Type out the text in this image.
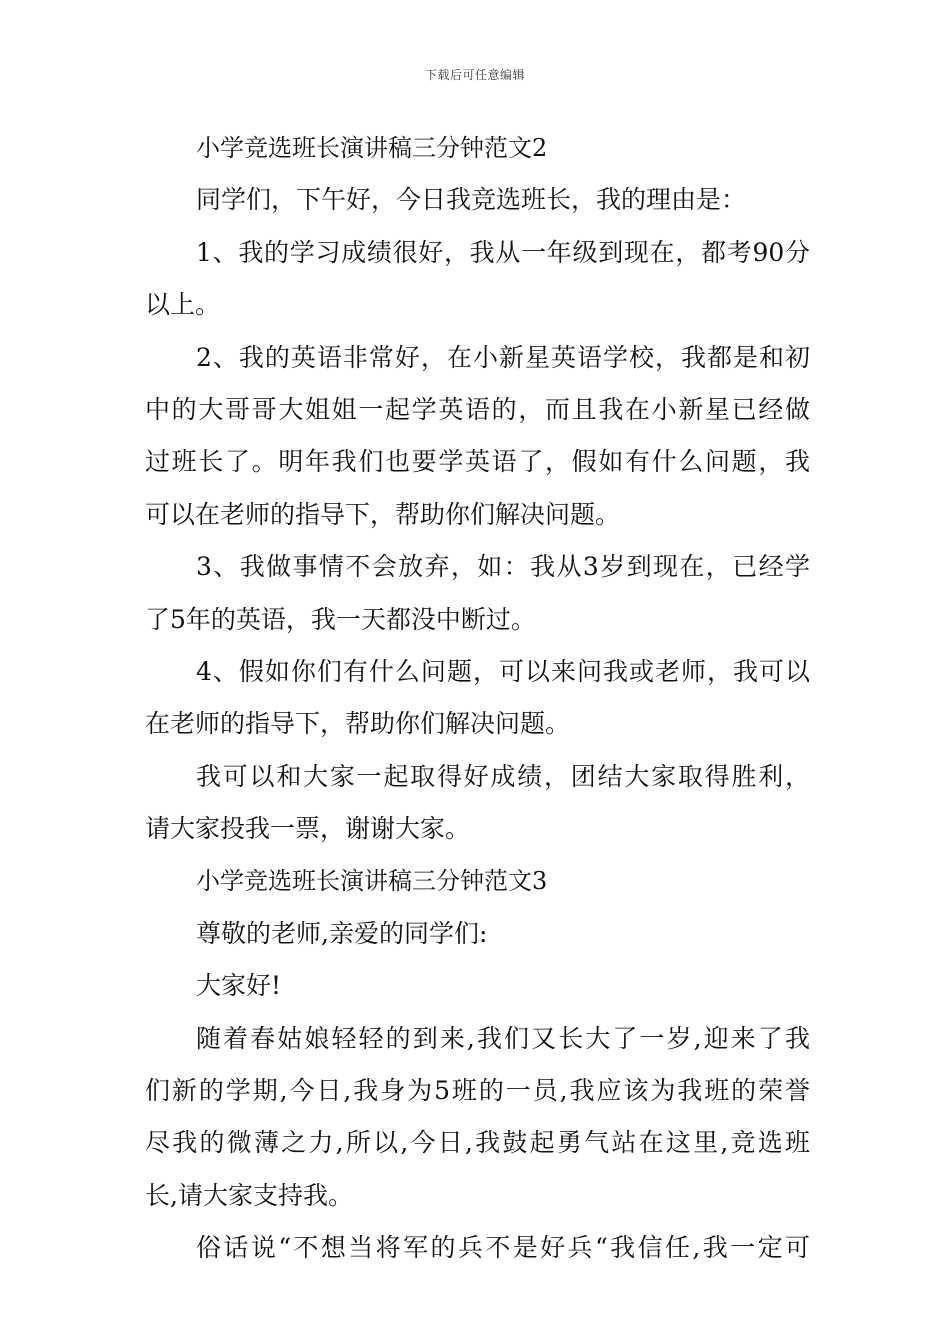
下载后可任意编辑
小学竞选班长演讲稿三分钟范文2
同学们，下午好，今日我竞选班长，我的理由是：
1、我的学习成绩很好，我从一年级到现在，都考90分
以上。
2、我的英语非常好，在小新星英语学校，我都是和初
中的大哥哥大姐姐一起学英语的，而且我在小新星已经做
过班长了。明年我们也要学英语了，假如有什么问题，我
可以在老师的指导下，帮助你们解决问题。
3、我做事情不会放弃，如：我从3岁到现在，已经学
了5年的英语，我一天都没中断过。
4、假如你们有什么问题，可以来问我或老师，我可以
在老师的指导下，帮助你们解决问题。
我可以和大家一起取得好成绩，团结大家取得胜利，
请大家投我一票，谢谢大家。
小学竞选班长演讲稿三分钟范文3
尊敬的老师,亲爱的同学们:
大家好!
随着春姑娘轻轻的到来,我们又长大了一岁,迎来了我
们新的学期,今日,我身为5班的一员,我应该为我班的荣誉
尽我的微薄之力,所以,今日,我鼓起勇气站在这里,竞选班
长,请大家支持我。
俗话说“不想当将军的兵不是好兵“我信任,我一定可
